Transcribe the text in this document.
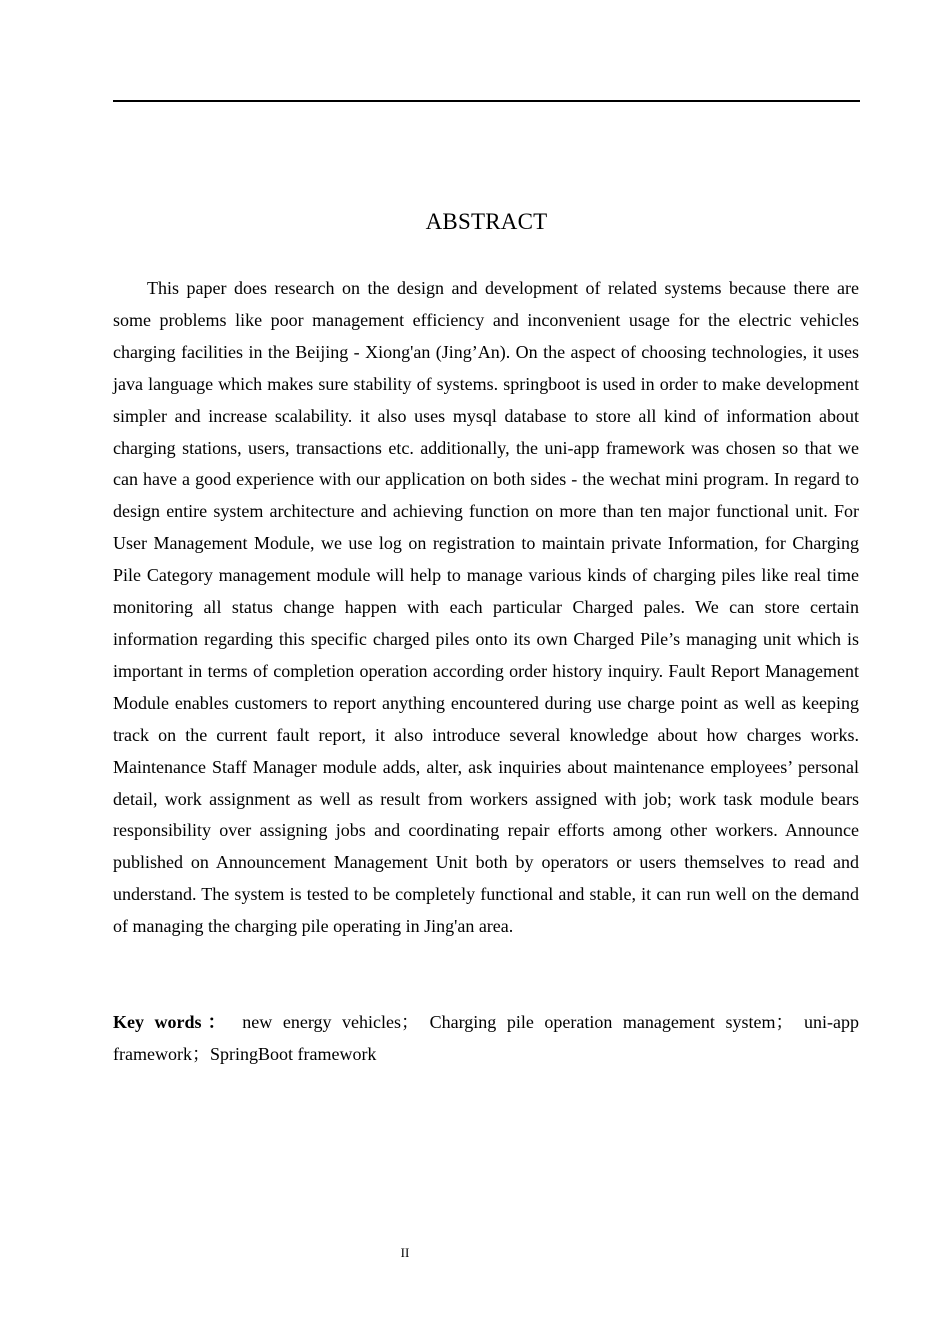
ABSTRACT

This paper does research on the design and development of related systems because there are some problems like poor management efficiency and inconvenient usage for the electric vehicles charging facilities in the Beijing - Xiong'an (Jing’An). On the aspect of choosing technologies, it uses java language which makes sure stability of systems. springboot is used in order to make development simpler and increase scalability. it also uses mysql database to store all kind of information about charging stations, users, transactions etc. additionally, the uni-app framework was chosen so that we can have a good experience with our application on both sides - the wechat mini program. In regard to design entire system architecture and achieving function on more than ten major functional unit. For User Management Module, we use log on registration to maintain private Information, for Charging Pile Category management module will help to manage various kinds of charging piles like real time monitoring all status change happen with each particular Charged pales. We can store certain information regarding this specific charged piles onto its own Charged Pile’s managing unit which is important in terms of completion operation according order history inquiry. Fault Report Management Module enables customers to report anything encountered during use charge point as well as keeping track on the current fault report, it also introduce several knowledge about how charges works. Maintenance Staff Manager module adds, alter, ask inquiries about maintenance employees’ personal detail, work assignment as well as result from workers assigned with job; work task module bears responsibility over assigning jobs and coordinating repair efforts among other workers. Announce published on Announcement Management Unit both by operators or users themselves to read and understand. The system is tested to be completely functional and stable, it can run well on the demand of managing the charging pile operating in Jing'an area.

Key words： new energy vehicles； Charging pile operation management system； uni-app framework；SpringBoot framework

II
